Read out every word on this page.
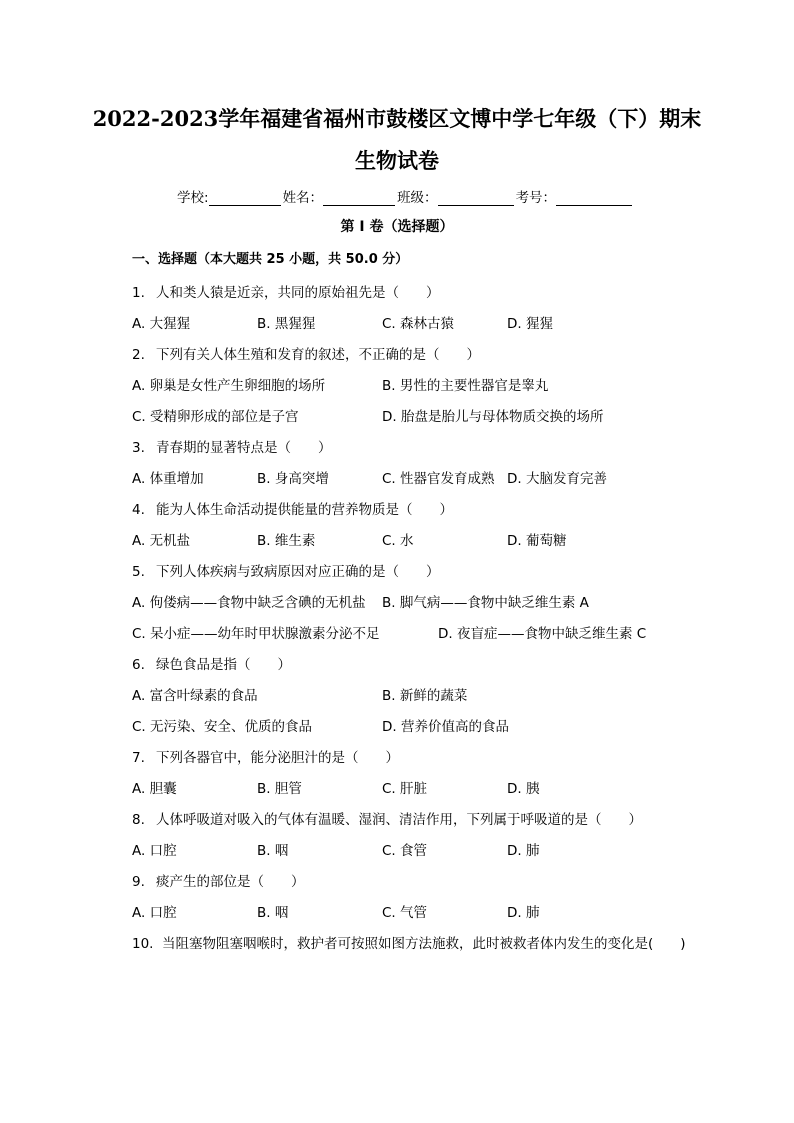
2022-2023学年福建省福州市鼓楼区文博中学七年级（下）期末
生物试卷
学校:	姓名：	班级：	考号：
第 I 卷（选择题）
一、选择题（本大题共 25 小题，共 50.0 分）
1. 人和类人猿是近亲，共同的原始祖先是（　　）
A. 大猩猩	B. 黑猩猩	C. 森林古猿	D. 猩猩
2. 下列有关人体生殖和发育的叙述，不正确的是（　　）
A. 卵巢是女性产生卵细胞的场所	B. 男性的主要性器官是睾丸
C. 受精卵形成的部位是子宫	D. 胎盘是胎儿与母体物质交换的场所
3. 青春期的显著特点是（　　）
A. 体重增加	B. 身高突增	C. 性器官发育成熟 D. 大脑发育完善
4. 能为人体生命活动提供能量的营养物质是（　　）
A. 无机盐	B. 维生素	C. 水	D. 葡萄糖
5. 下列人体疾病与致病原因对应正确的是（　　）
A. 佝偻病——食物中缺乏含碘的无机盐 B. 脚气病——食物中缺乏维生素 A
C. 呆小症——幼年时甲状腺激素分泌不足	D. 夜盲症——食物中缺乏维生素 C
6. 绿色食品是指（　　）
A. 富含叶绿素的食品	B. 新鲜的蔬菜
C. 无污染、安全、优质的食品	D. 营养价值高的食品
7. 下列各器官中，能分泌胆汁的是（　　）
A. 胆囊	B. 胆管	C. 肝脏	D. 胰
8. 人体呼吸道对吸入的气体有温暖、湿润、清洁作用，下列属于呼吸道的是（　　）
A. 口腔	B. 咽	C. 食管	D. 肺
9. 痰产生的部位是（　　）
A. 口腔	B. 咽	C. 气管	D. 肺
10. 当阻塞物阻塞咽喉时，救护者可按照如图方法施救，此时被救者体内发生的变化是(　　)
